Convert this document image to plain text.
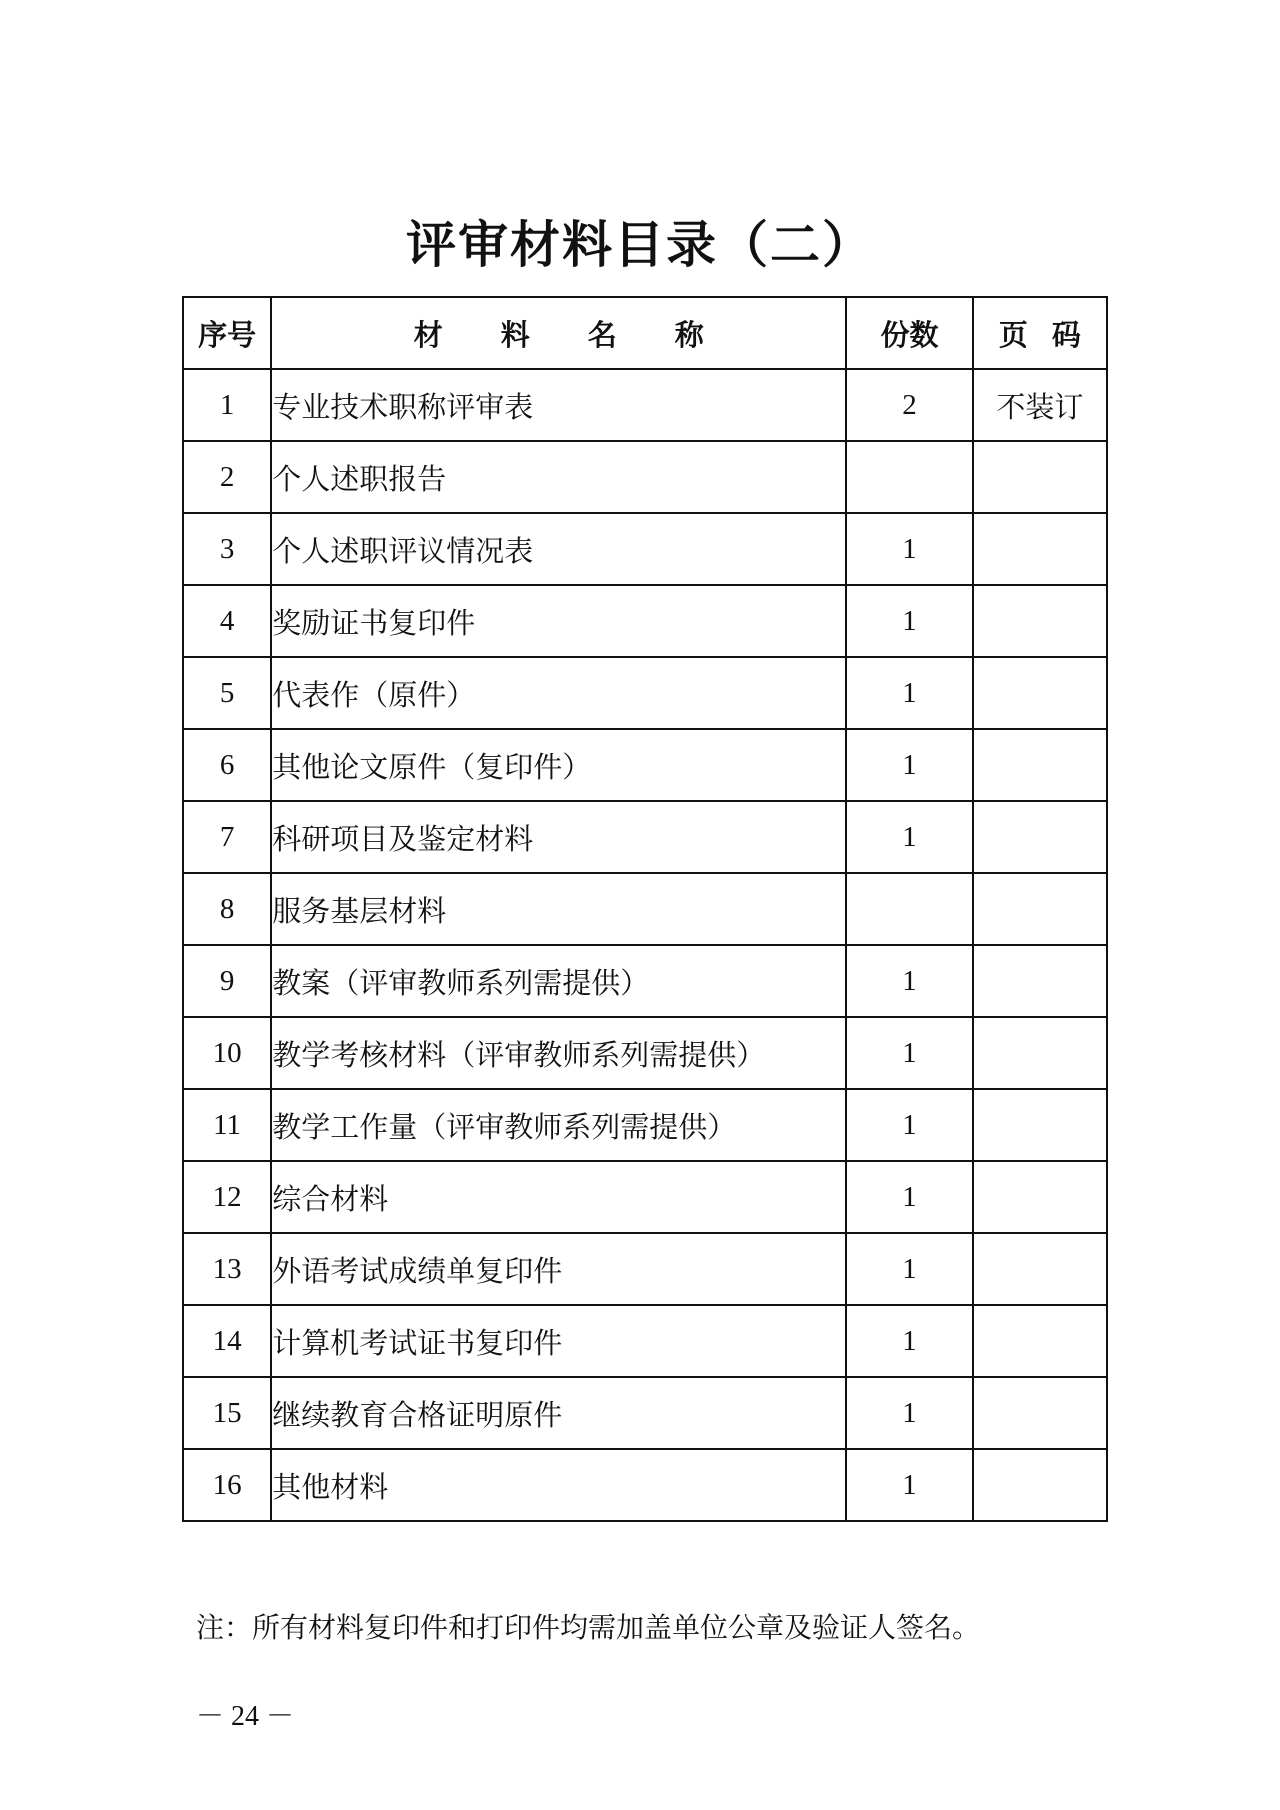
评审材料目录（二）
序号	材料名称	份数	页码
1	专业技术职称评审表	2	不装订
2	个人述职报告		
3	个人述职评议情况表	1	
4	奖励证书复印件	1	
5	代表作（原件）	1	
6	其他论文原件（复印件）	1	
7	科研项目及鉴定材料	1	
8	服务基层材料		
9	教案（评审教师系列需提供）	1	
10	教学考核材料（评审教师系列需提供）	1	
11	教学工作量（评审教师系列需提供）	1	
12	综合材料	1	
13	外语考试成绩单复印件	1	
14	计算机考试证书复印件	1	
15	继续教育合格证明原件	1	
16	其他材料	1	
注：所有材料复印件和打印件均需加盖单位公章及验证人签名。
－ 24 －
